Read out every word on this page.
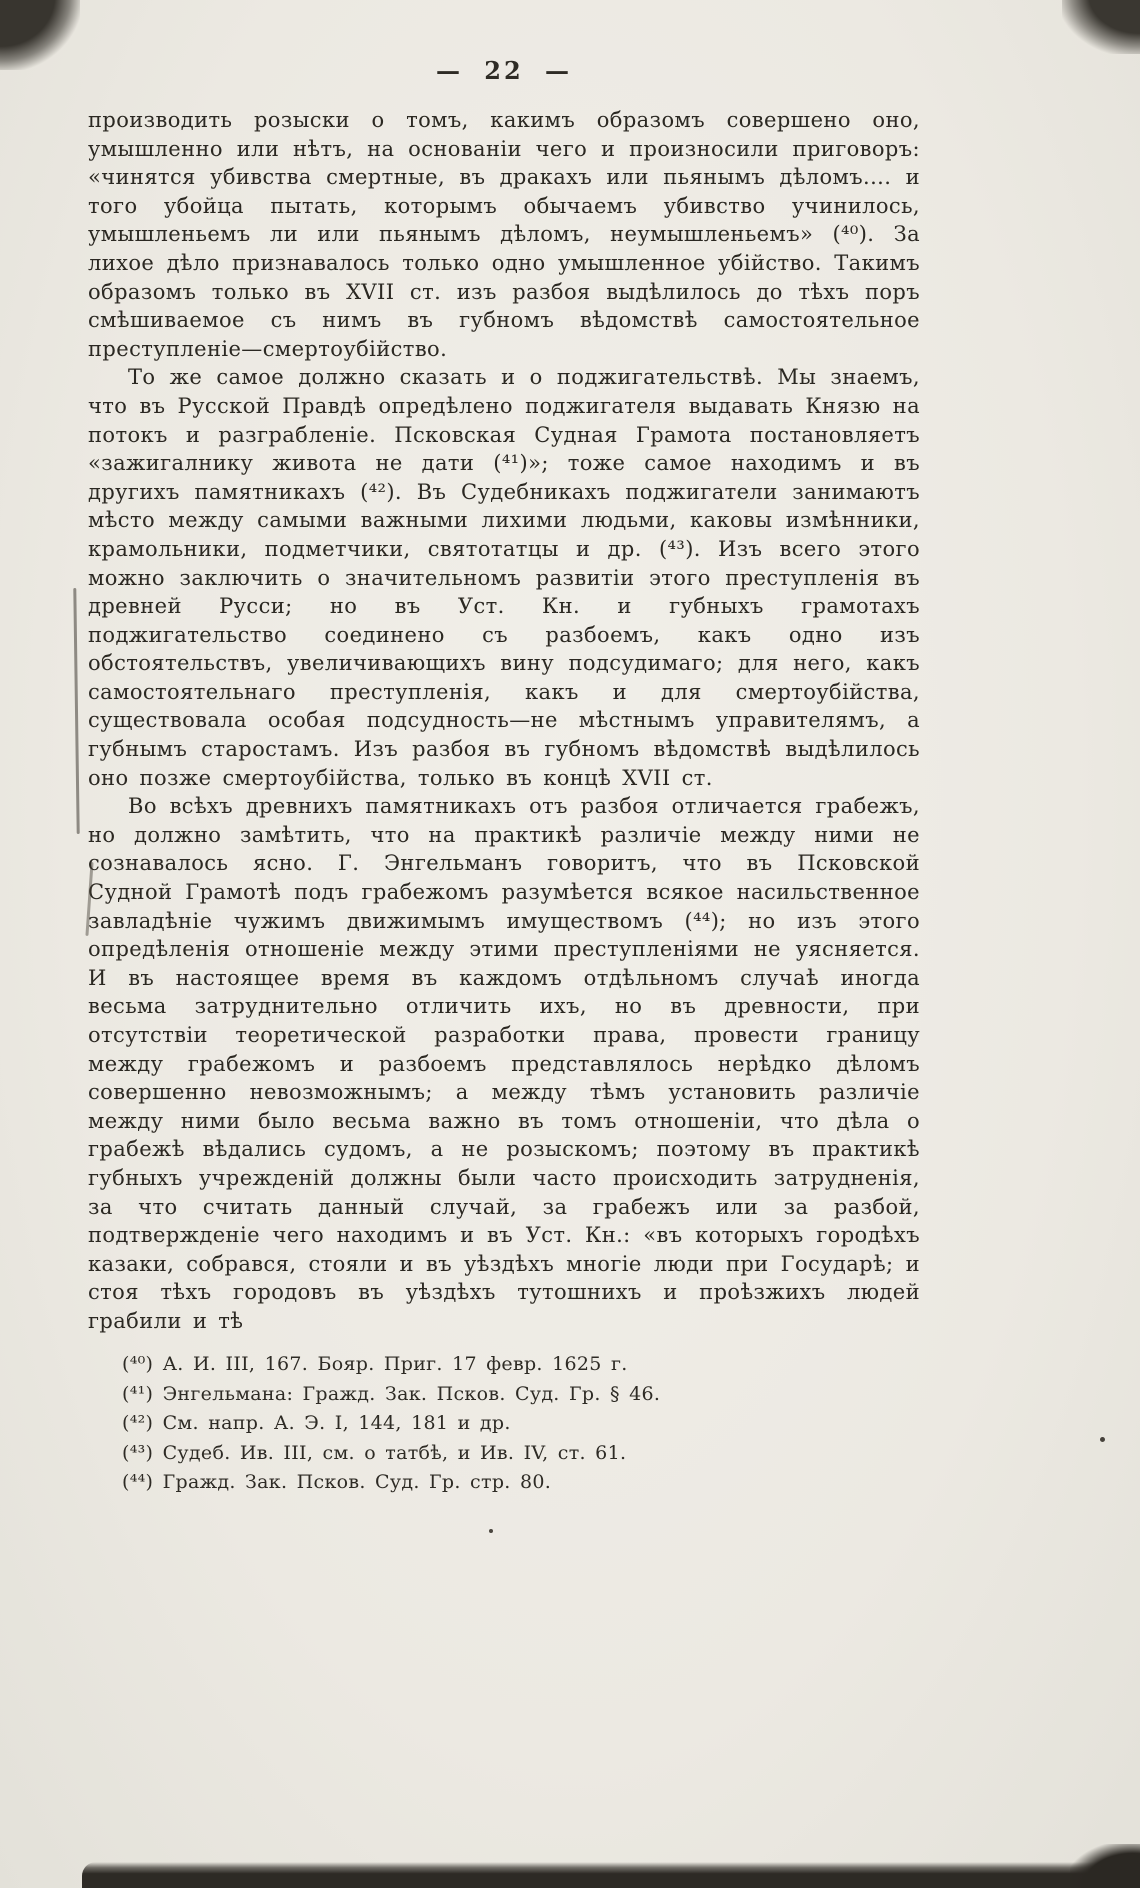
— 22 —

производить розыски о томъ, какимъ образомъ совершено оно, умышленно или нѣтъ, на основаніи чего и произносили приговоръ: «чинятся убивства смертные, въ дракахъ или пьянымъ дѣломъ.... и того убойца пытать, которымъ обычаемъ убивство учинилось, умышленьемъ ли или пьянымъ дѣломъ, неумышленьемъ» (⁴⁰). За лихое дѣло признавалось только одно умышленное убійство. Такимъ образомъ только въ XVII ст. изъ разбоя выдѣлилось до тѣхъ поръ смѣшиваемое съ нимъ въ губномъ вѣдомствѣ самостоятельное преступленіе—смертоубійство.

То же самое должно сказать и о поджигательствѣ. Мы знаемъ, что въ Русской Правдѣ опредѣлено поджигателя выдавать Князю на потокъ и разграбленіе. Псковская Судная Грамота постановляетъ «зажигалнику живота не дати (⁴¹)»; тоже самое находимъ и въ другихъ памятникахъ (⁴²). Въ Судебникахъ поджигатели занимаютъ мѣсто между самыми важными лихими людьми, каковы измѣнники, крамольники, подметчики, святотатцы и др. (⁴³). Изъ всего этого можно заключить о значительномъ развитіи этого преступленія въ древней Русси; но въ Уст. Кн. и губныхъ грамотахъ поджигательство соединено съ разбоемъ, какъ одно изъ обстоятельствъ, увеличивающихъ вину подсудимаго; для него, какъ самостоятельнаго преступленія, какъ и для смертоубійства, существовала особая подсудность—не мѣстнымъ управителямъ, а губнымъ старостамъ. Изъ разбоя въ губномъ вѣдомствѣ выдѣлилось оно позже смертоубійства, только въ концѣ XVII ст.

Во всѣхъ древнихъ памятникахъ отъ разбоя отличается грабежъ, но должно замѣтить, что на практикѣ различіе между ними не сознавалось ясно. Г. Энгельманъ говоритъ, что въ Псковской Судной Грамотѣ подъ грабежомъ разумѣется всякое насильственное завладѣніе чужимъ движимымъ имуществомъ (⁴⁴); но изъ этого опредѣленія отношеніе между этими преступленіями не уясняется. И въ настоящее время въ каждомъ отдѣльномъ случаѣ иногда весьма затруднительно отличить ихъ, но въ древности, при отсутствіи теоретической разработки права, провести границу между грабежомъ и разбоемъ представлялось нерѣдко дѣломъ совершенно невозможнымъ; а между тѣмъ установить различіе между ними было весьма важно въ томъ отношеніи, что дѣла о грабежѣ вѣдались судомъ, а не розыскомъ; поэтому въ практикѣ губныхъ учрежденій должны были часто происходить затрудненія, за что считать данный случай, за грабежъ или за разбой, подтвержденіе чего находимъ и въ Уст. Кн.: «въ которыхъ городѣхъ казаки, собрався, стояли и въ уѣздѣхъ многіе люди при Государѣ; и стоя тѣхъ городовъ въ уѣздѣхъ тутошнихъ и проѣзжихъ людей грабили и тѣ

(⁴⁰) А. И. III, 167. Бояр. Приг. 17 февр. 1625 г.

(⁴¹) Энгельмана: Гражд. Зак. Псков. Суд. Гр. § 46.

(⁴²) См. напр. А. Э. I, 144, 181 и др.

(⁴³) Судеб. Ив. III, см. о татбѣ, и Ив. IV, ст. 61.

(⁴⁴) Гражд. Зак. Псков. Суд. Гр. стр. 80.
